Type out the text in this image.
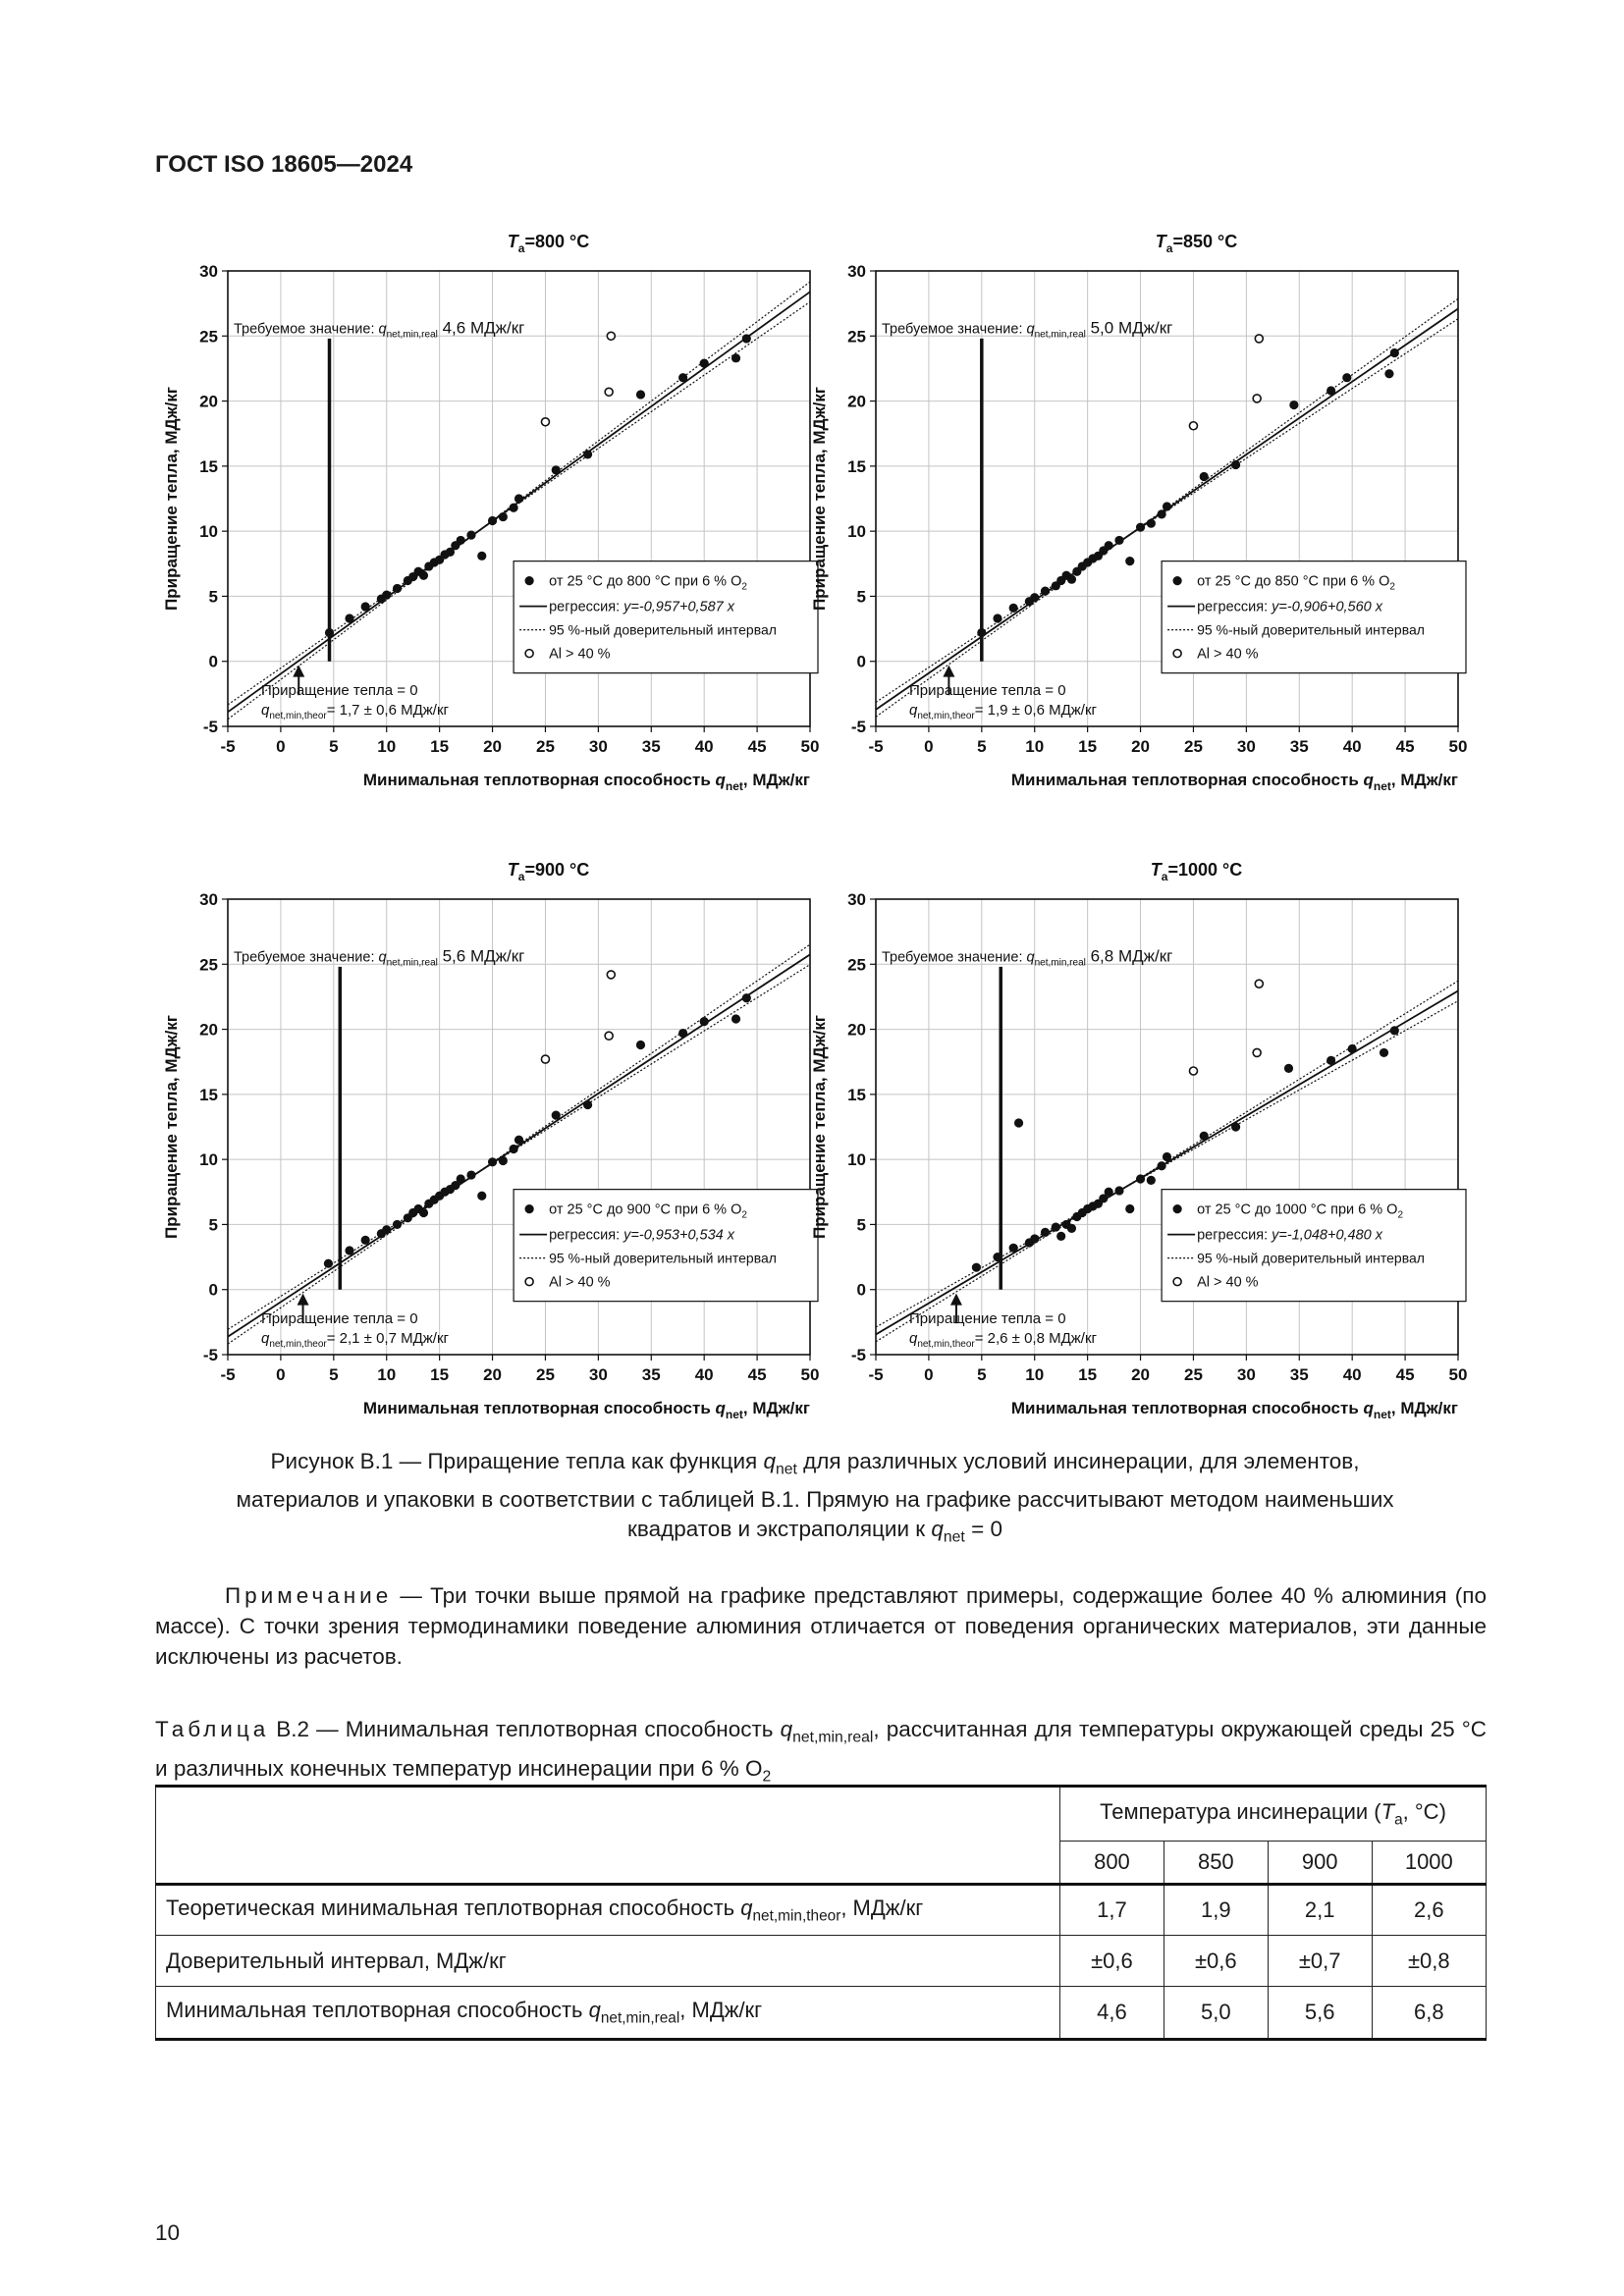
ГОСТ ISO 18605—2024
$T_a=800$ °C
-5 0	5 10 15 20 25 30 35 40 45 50
30
25
20
15
10
5
0
-5
Приращение тепла, МДж/кг
Минимальная теплотворная способность $q_{net}$, МДж/кг
Требуемое значение: $q_{net,min,real}$ 4,6 МДж/кг
Приращение тепла = 0
$q_{net,min,theor}= 1,7 \pm 0,6$ МДж/кг
от 25 °C до 800 °C при 6 % $O_2$
регрессия: y=-0,957+0,587 x
95 %-ный доверительный интервал
Al > 40 %
$T_a=850$ °C
-5 0	5 10 15 20 25 30 35 40 45 50
30
25
20
15
10
5
0
-5
Приращение тепла, МДж/кг
Минимальная теплотворная способность $q_{net}$, МДж/кг
Требуемое значение: $q_{net,min,real}$ 5,0 МДж/кг
Приращение тепла = 0
$q_{net,min,theor}= 1,9 \pm 0,6$ МДж/кг
от 25 °C до 850 °C при 6 % $O_2$
регрессия: y=-0,906+0,560 x
95 %-ный доверительный интервал
Al > 40 %
$T_a=900$ °C
-5 0	5 10 15 20 25 30 35 40 45 50
30
25
20
15
10
5
0
-5
Приращение тепла, МДж/кг
Минимальная теплотворная способность $q_{net}$, МДж/кг
Требуемое значение: $q_{net,min,real}$ 5,6 МДж/кг
Приращение тепла = 0
$q_{net,min,theor}= 2,1 \pm 0,7$ МДж/кг
от 25 °C до 900 °C при 6 % $O_2$
регрессия: y=-0,953+0,534 x
95 %-ный доверительный интервал
Al > 40 %
$T_a=1000$ °C
-5 0	5 10 15 20 25 30 35 40 45 50
30
25
20
15
10
5
0
-5
Приращение тепла, МДж/кг
Минимальная теплотворная способность $q_{net}$, МДж/кг
Требуемое значение: $q_{net,min,real}$ 6,8 МДж/кг
Приращение тепла = 0
$q_{net,min,theor}= 2,6 \pm 0,8$ МДж/кг
от 25 °C до 1000 °C при 6 % $O_2$
регрессия: y=-1,048+0,480 x
95 %-ный доверительный интервал
Al > 40 %
Рисунок B.1 — Приращение тепла как функция $q_{net}$ для различных условий инсинерации, для элементов,
материалов и упаковки в соответствии с таблицей B.1. Прямую на графике рассчитывают методом наименьших
квадратов и экстраполяции к $q_{net} = 0$
Примечание — Три точки выше прямой на графике представляют примеры, содержащие более 40 % алюминия (по массе). С точки зрения термодинамики поведение алюминия отличается от поведения органических материалов, эти данные исключены из расчетов.
Таблица B.2 — Минимальная теплотворная способность $q_{net,min,real}$, рассчитанная для температуры окружающей среды 25 °C и различных конечных температур инсинерации при 6 % $O_2$
	Температура инсинерации ($T_a$, °C)			
	800	850	900	1000
Теоретическая минимальная теплотворная способность $q_{net,min,theor}$, МДж/кг	1,7	1,9	2,1	2,6
Доверительный интервал, МДж/кг	±0,6	±0,6	±0,7	±0,8
Минимальная теплотворная способность $q_{net,min,real}$, МДж/кг	4,6	5,0	5,6	6,8
10
